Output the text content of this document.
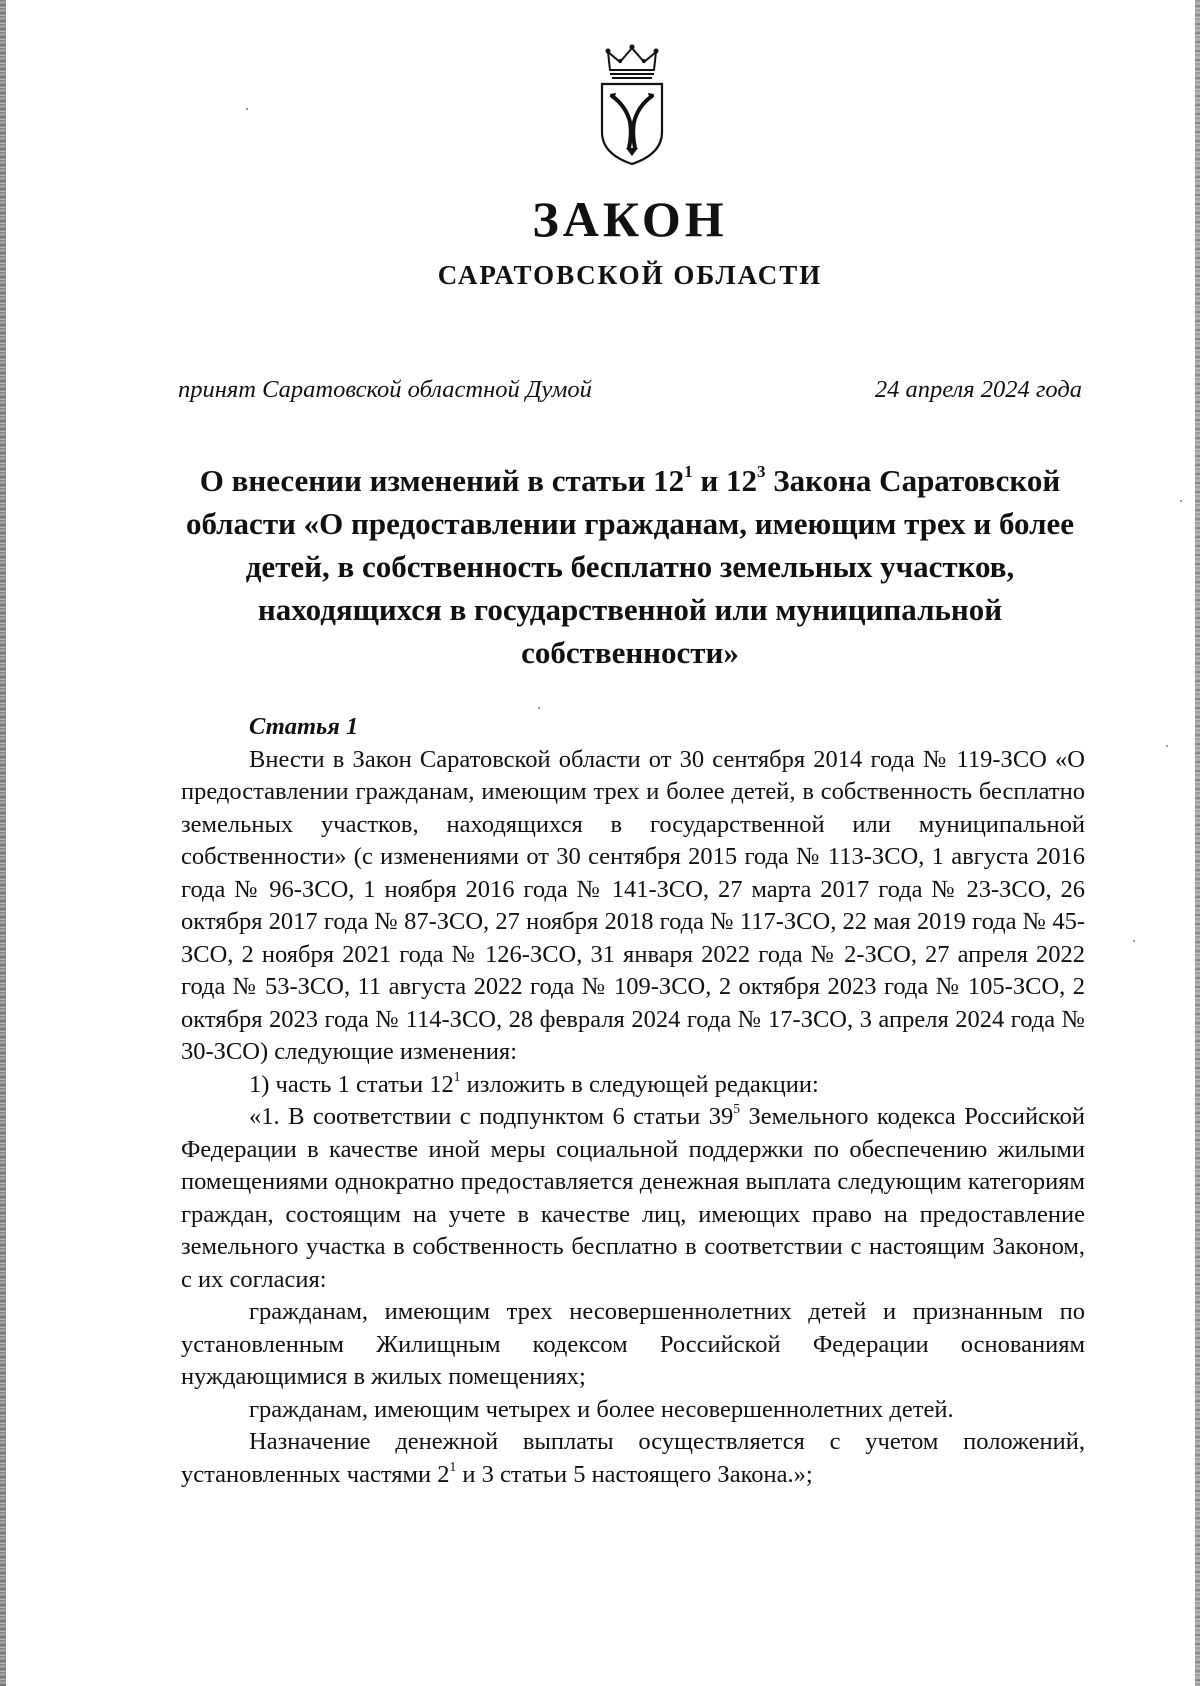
ЗАКОН
САРАТОВСКОЙ ОБЛАСТИ
принят Саратовской областной Думой	24 апреля 2024 года
О внесении изменений в статьи $12^1$ и $12^3$ Закона Саратовской области «О предоставлении гражданам, имеющим трех и более детей, в собственность бесплатно земельных участков, находящихся в государственной или муниципальной собственности»

Статья 1

Внести в Закон Саратовской области от 30 сентября 2014 года № 119-ЗСО «О предоставлении гражданам, имеющим трех и более детей, в собственность бесплатно земельных участков, находящихся в государственной или муниципальной собственности» (с изменениями от 30 сентября 2015 года № 113-ЗСО, 1 августа 2016 года № 96-ЗСО, 1 ноября 2016 года № 141-ЗСО, 27 марта 2017 года № 23-ЗСО, 26 октября 2017 года № 87-ЗСО, 27 ноября 2018 года № 117-ЗСО, 22 мая 2019 года № 45-ЗСО, 2 ноября 2021 года № 126-ЗСО, 31 января 2022 года № 2-ЗСО, 27 апреля 2022 года № 53-ЗСО, 11 августа 2022 года № 109-ЗСО, 2 октября 2023 года № 105-ЗСО, 2 октября 2023 года № 114-ЗСО, 28 февраля 2024 года № 17-ЗСО, 3 апреля 2024 года № 30-ЗСО) следующие изменения:

1) часть 1 статьи $12^1$ изложить в следующей редакции:

«1. В соответствии с подпунктом 6 статьи $39^5$ Земельного кодекса Российской Федерации в качестве иной меры социальной поддержки по обеспечению жилыми помещениями однократно предоставляется денежная выплата следующим категориям граждан, состоящим на учете в качестве лиц, имеющих право на предоставление земельного участка в собственность бесплатно в соответствии с настоящим Законом, с их согласия:

гражданам, имеющим трех несовершеннолетних детей и признанным по установленным Жилищным кодексом Российской Федерации основаниям нуждающимися в жилых помещениях;

гражданам, имеющим четырех и более несовершеннолетних детей.

Назначение денежной выплаты осуществляется с учетом положений, установленных частями $2^1$ и 3 статьи 5 настоящего Закона.»;
